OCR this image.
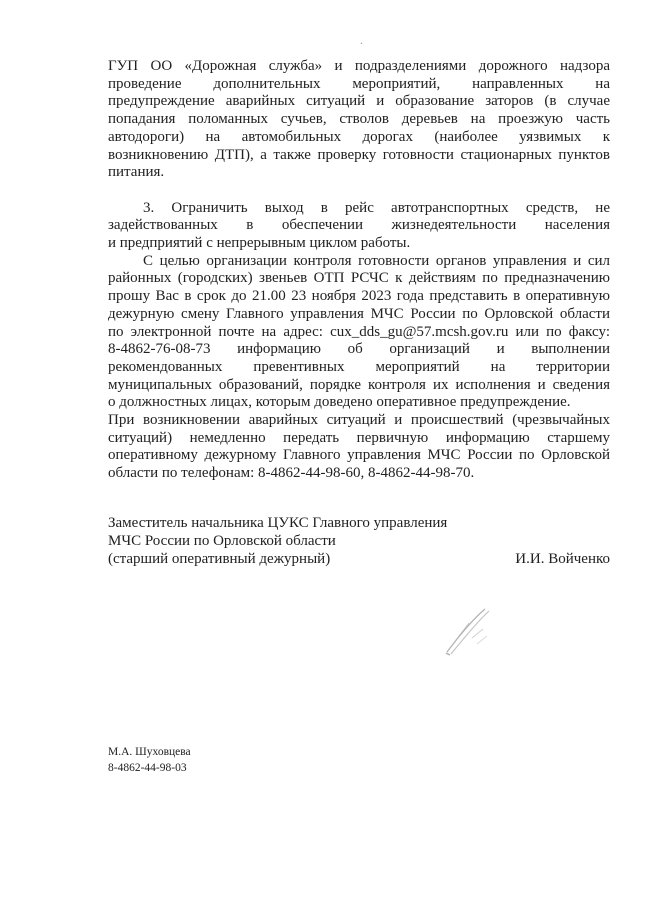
.
ГУП ОО «Дорожная служба» и подразделениями дорожного надзора
проведение дополнительных мероприятий, направленных на
предупреждение аварийных ситуаций и образование заторов (в случае
попадания поломанных сучьев, стволов деревьев на проезжую часть
автодороги) на автомобильных дорогах (наиболее уязвимых к
возникновению ДТП), а также проверку готовности стационарных пунктов
питания.
3. Ограничить выход в рейс автотранспортных средств, не
задействованных в обеспечении жизнедеятельности населения
и предприятий с непрерывным циклом работы.
С целью организации контроля готовности органов управления и сил
районных (городских) звеньев ОТП РСЧС к действиям по предназначению
прошу Вас в срок до 21.00 23 ноября 2023 года представить в оперативную
дежурную смену Главного управления МЧС России по Орловской области
по электронной почте на адрес: cux_dds_gu@57.mcsh.gov.ru или по факсу:
8-4862-76-08-73 информацию об организаций и выполнении
рекомендованных превентивных мероприятий на территории
муниципальных образований, порядке контроля их исполнения и сведения
о должностных лицах, которым доведено оперативное предупреждение.
При возникновении аварийных ситуаций и происшествий (чрезвычайных
ситуаций) немедленно передать первичную информацию старшему
оперативному дежурному Главного управления МЧС России по Орловской
области по телефонам: 8-4862-44-98-60, 8-4862-44-98-70.
Заместитель начальника ЦУКС Главного управления
МЧС России по Орловской области
(старший оперативный дежурный)	И.И. Войченко
М.А. Шуховцева
8-4862-44-98-03
